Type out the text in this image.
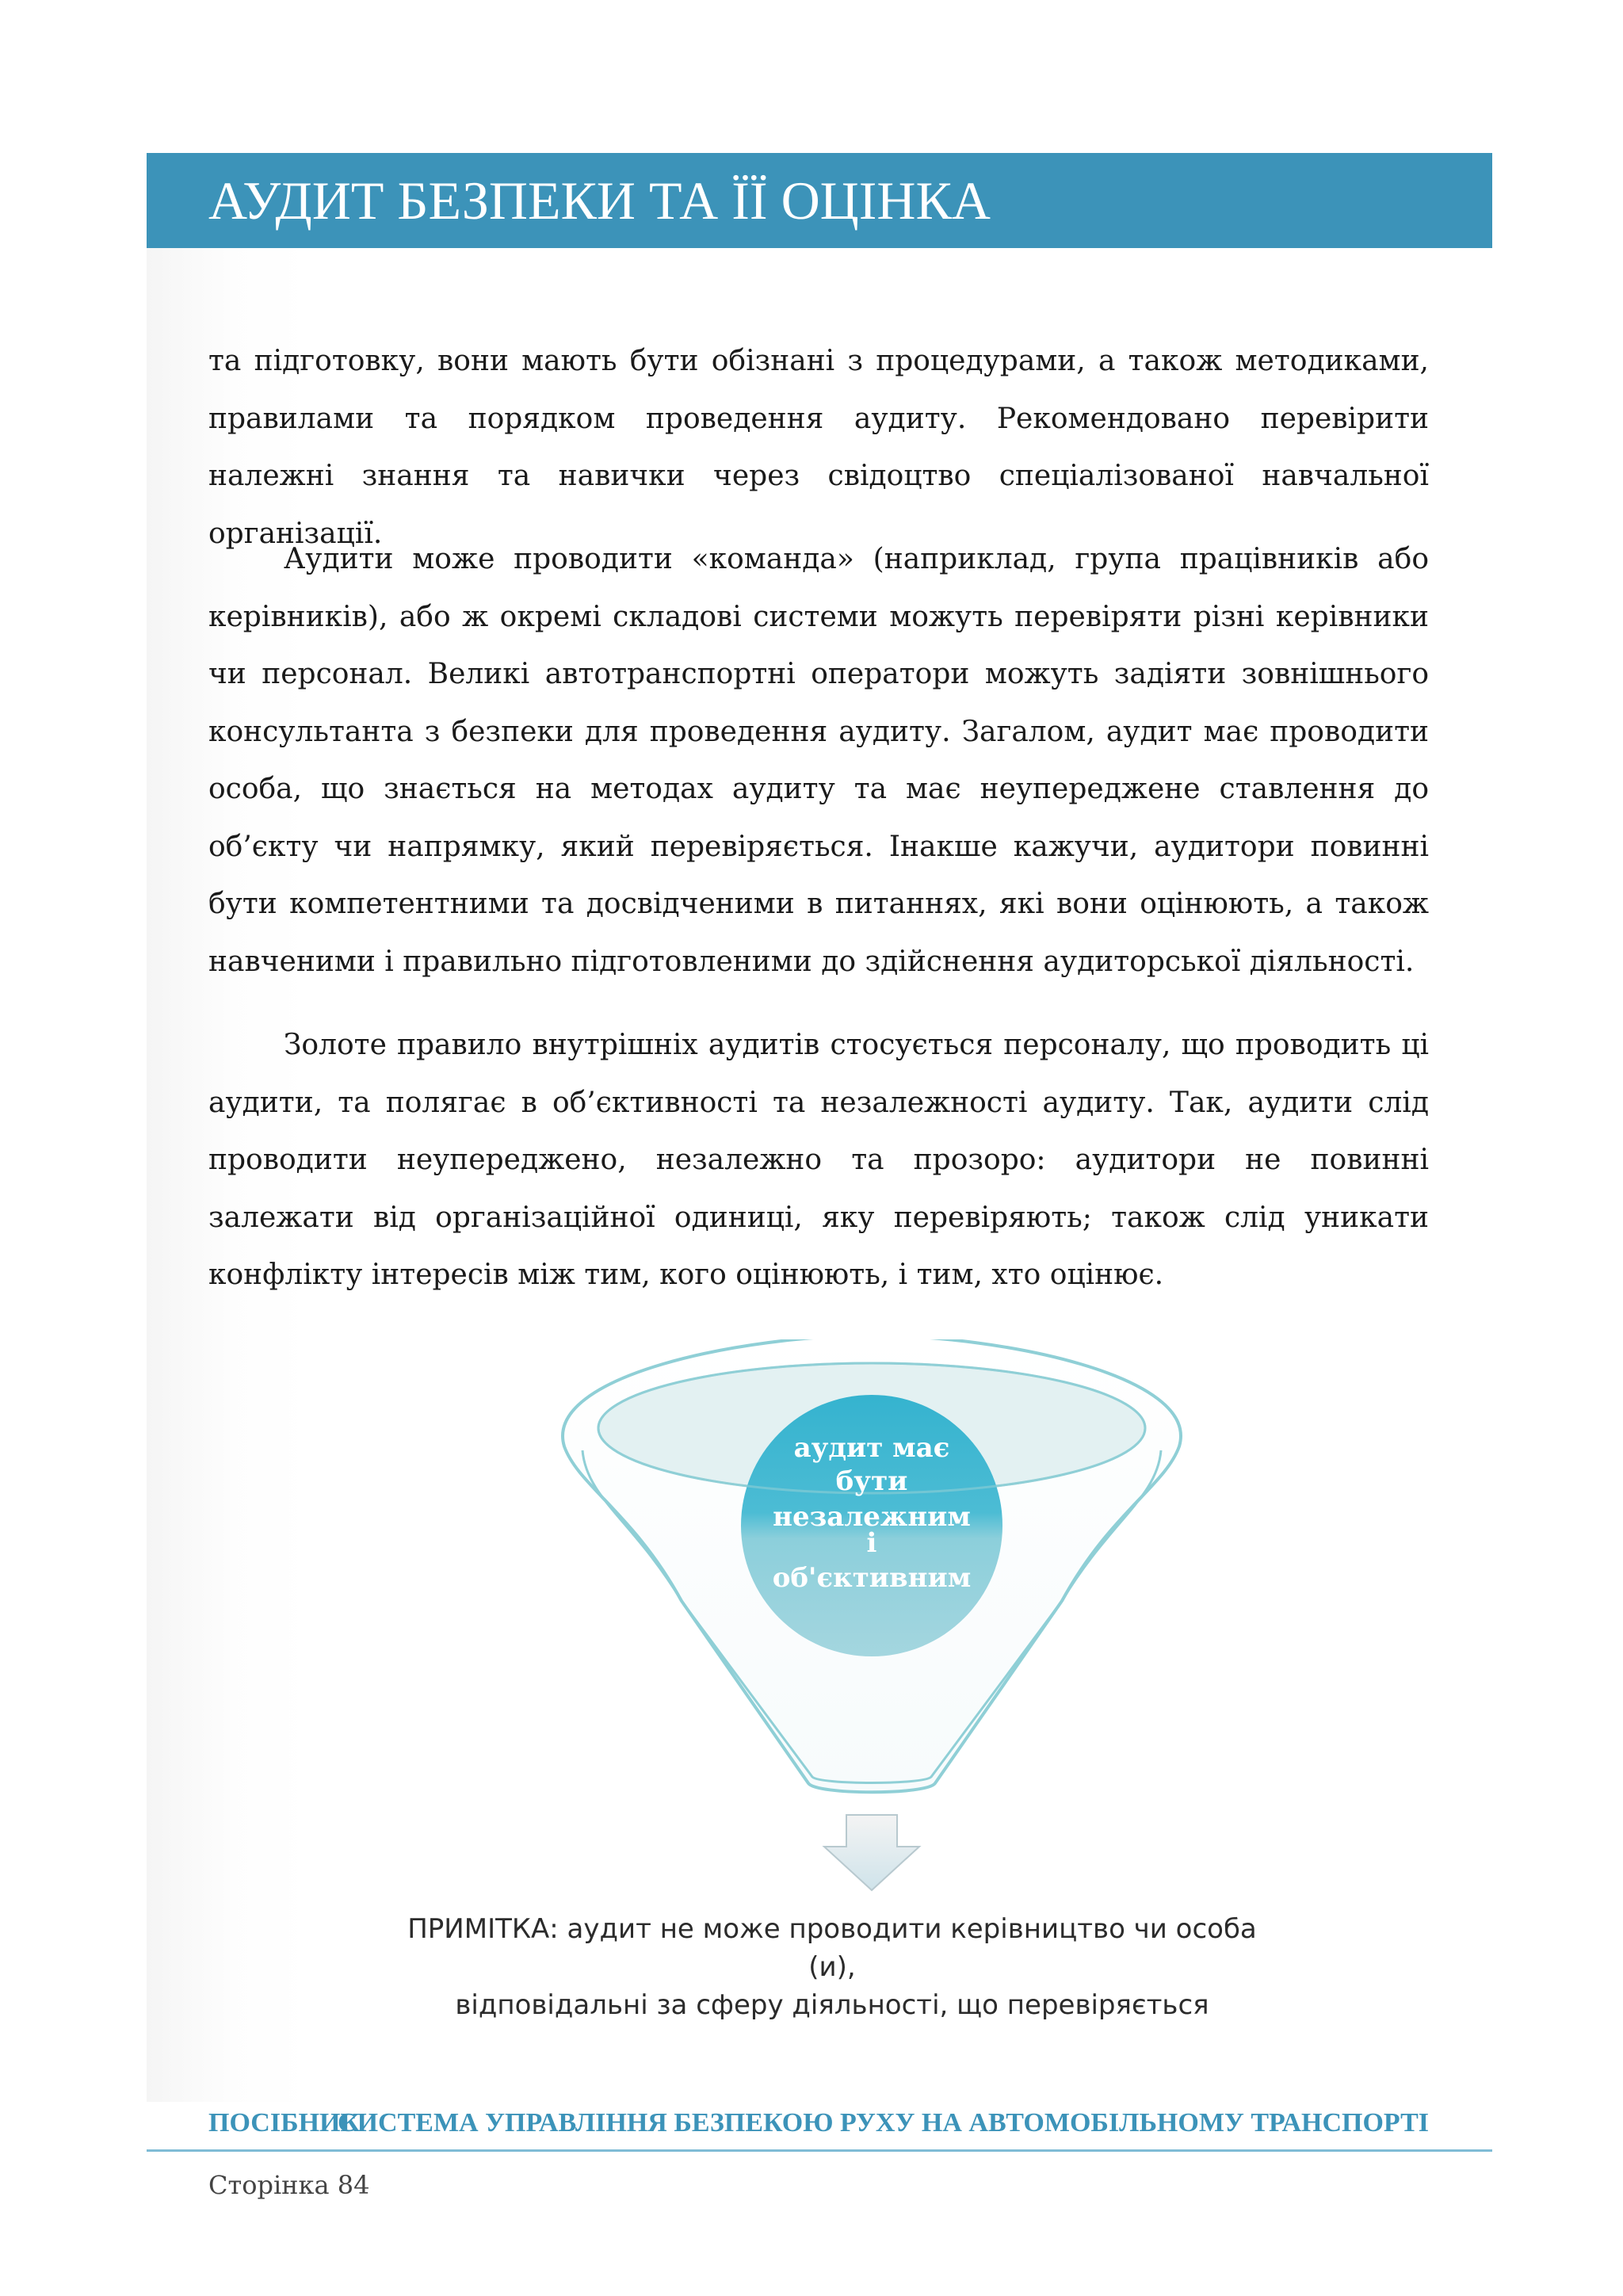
АУДИТ БЕЗПЕКИ ТА ЇЇ ОЦІНКА

та підготовку, вони мають бути обізнані з процедурами, а також методиками, правилами та порядком проведення аудиту. Рекомендовано перевірити належні знання та навички через свідоцтво спеціалізованої навчальної організації.

Аудити може проводити «команда» (наприклад, група працівників або керівників), або ж окремі складові системи можуть перевіряти різні керівники чи персонал. Великі автотранспортні оператори можуть задіяти зовнішнього консультанта з безпеки для проведення аудиту. Загалом, аудит має проводити особа, що знається на методах аудиту та має неупереджене ставлення до об’єкту чи напрямку, який перевіряється. Інакше кажучи, аудитори повинні бути компетентними та досвідченими в питаннях, які вони оцінюють, а також навченими і правильно підготовленими до здійснення аудиторської діяльності.

Золоте правило внутрішніх аудитів стосується персоналу, що проводить ці аудити, та полягає в об’єктивності та незалежності аудиту. Так, аудити слід проводити неупереджено, незалежно та прозоро: аудитори не повинні залежати від організаційної одиниці, яку перевіряють; також слід уникати конфлікту інтересів між тим, кого оцінюють, і тим, хто оцінює.

аудит має
бути
незалежним
і
об'єктивним
ПРИМІТКА: аудит не може проводити керівництво чи особа (и),
відповідальні за сферу діяльності, що перевіряється
ПОСІБНИК
СИСТЕМА УПРАВЛІННЯ БЕЗПЕКОЮ РУХУ НА АВТОМОБІЛЬНОМУ ТРАНСПОРТІ
Сторінка 84
